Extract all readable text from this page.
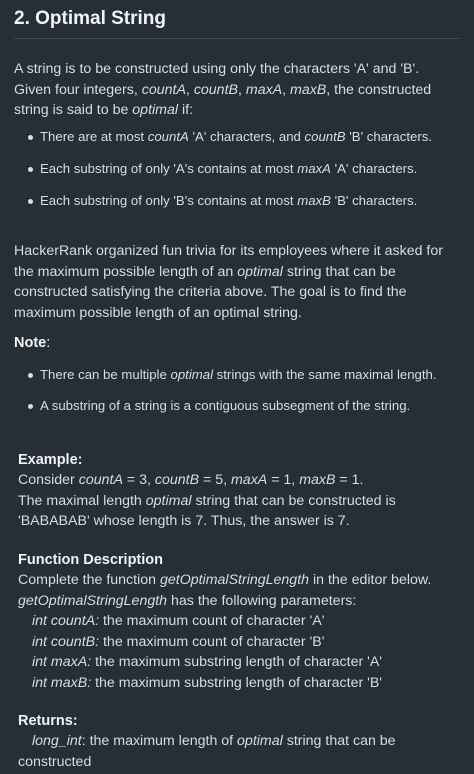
2. Optimal String

A string is to be constructed using only the characters 'A' and 'B'. Given four integers, countA, countB, maxA, maxB, the constructed string is said to be optimal if:

There are at most countA 'A' characters, and countB 'B' characters.
Each substring of only 'A's contains at most maxA 'A' characters.
Each substring of only 'B's contains at most maxB 'B' characters.

HackerRank organized fun trivia for its employees where it asked for the maximum possible length of an optimal string that can be constructed satisfying the criteria above. The goal is to find the maximum possible length of an optimal string.

Note:
There can be multiple optimal strings with the same maximal length.
A substring of a string is a contiguous subsegment of the string.

Example:

Consider countA = 3, countB = 5, maxA = 1, maxB = 1.

The maximal length optimal string that can be constructed is 'BABABAB' whose length is 7. Thus, the answer is 7.

Function Description

Complete the function getOptimalStringLength in the editor below.

getOptimalStringLength has the following parameters:

int countA: the maximum count of character 'A'

int countB: the maximum count of character 'B'

int maxA: the maximum substring length of character 'A'

int maxB: the maximum substring length of character 'B'

Returns:

long_int: the maximum length of optimal string that can be constructed
